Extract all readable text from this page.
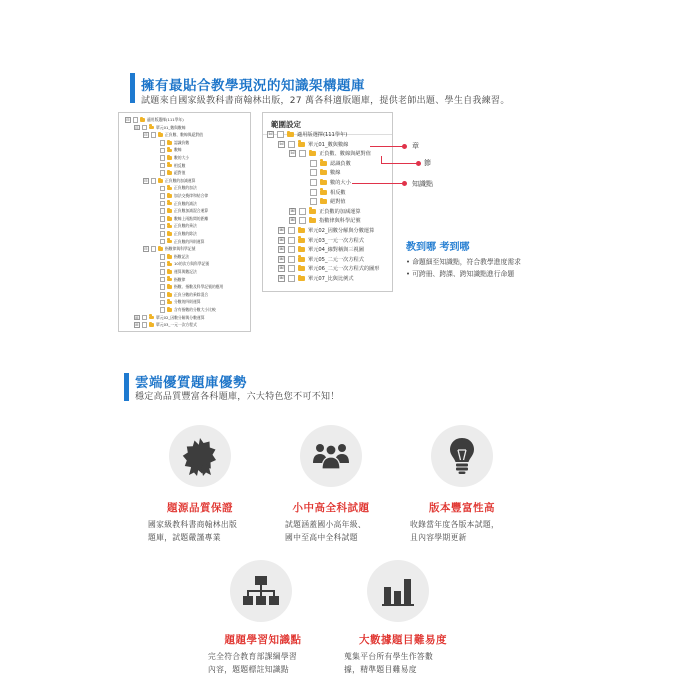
擁有最貼合教學現況的知識架構題庫
試題來自國家級教科書商翰林出版，27 萬各科適版題庫，提供老師出題、學生自我練習。
⊟	適用版選擇(111學年)
⊟	單元01_數與數線
⊟	正負數、數線與絕對值
認識負數
數線
數的大小
相反數
絕對值
⊟	正負數的加減運算
正負數的加法
加法交換律和結合律
正負數的減法
正負數加減混合運算
數線上兩點間的距離
正負數的乘法
正負數的除法
正負數的四則運算
⊟	指數律與科學記號
指數記法
10的次方與科學記號
運算與數記法
指數律
指數、指數及科學記號的應用
正負分數的乘除混合
分數的四則運算
含有指數的分數大小比較
⊞	單元02_因數分解與分數運算
⊞	單元03_一元一次方程式
範圍設定
⊟	適用版選擇(111學年)
⊟	單元01_數與數線
⊟	正負數、數線與絕對值
認識負數
數線
數的大小
相反數
絕對值
⊞	正負數的加減運算
⊞	指數律與科學記號
⊞	單元02_因數分解與分數運算
⊞	單元03_一元一次方程式
⊞	單元04_線對稱與三視圖
⊞	單元05_二元一次方程式
⊞	單元06_二元一次方程式的圖形
⊞	單元07_比與比例式
章
節
知識點
教到哪 考到哪
• 命題細至知識點，符合教學進度需求
• 可跨冊、跨課、跨知識點進行命題
雲端優質題庫優勢
穩定高品質豐富各科題庫，六大特色您不可不知！
題源品質保證
國家級教科書商翰林出版
題庫，試題嚴謹專業
小中高全科試題
試題涵蓋國小高年級、
國中至高中全科試題
版本豐富性高
收錄當年度各版本試題，
且內容學期更新
題題學習知識點
完全符合教育部課綱學習
內容，題題標註知識點
大數據題目難易度
蒐集平台所有學生作答數
據，精準題目難易度
